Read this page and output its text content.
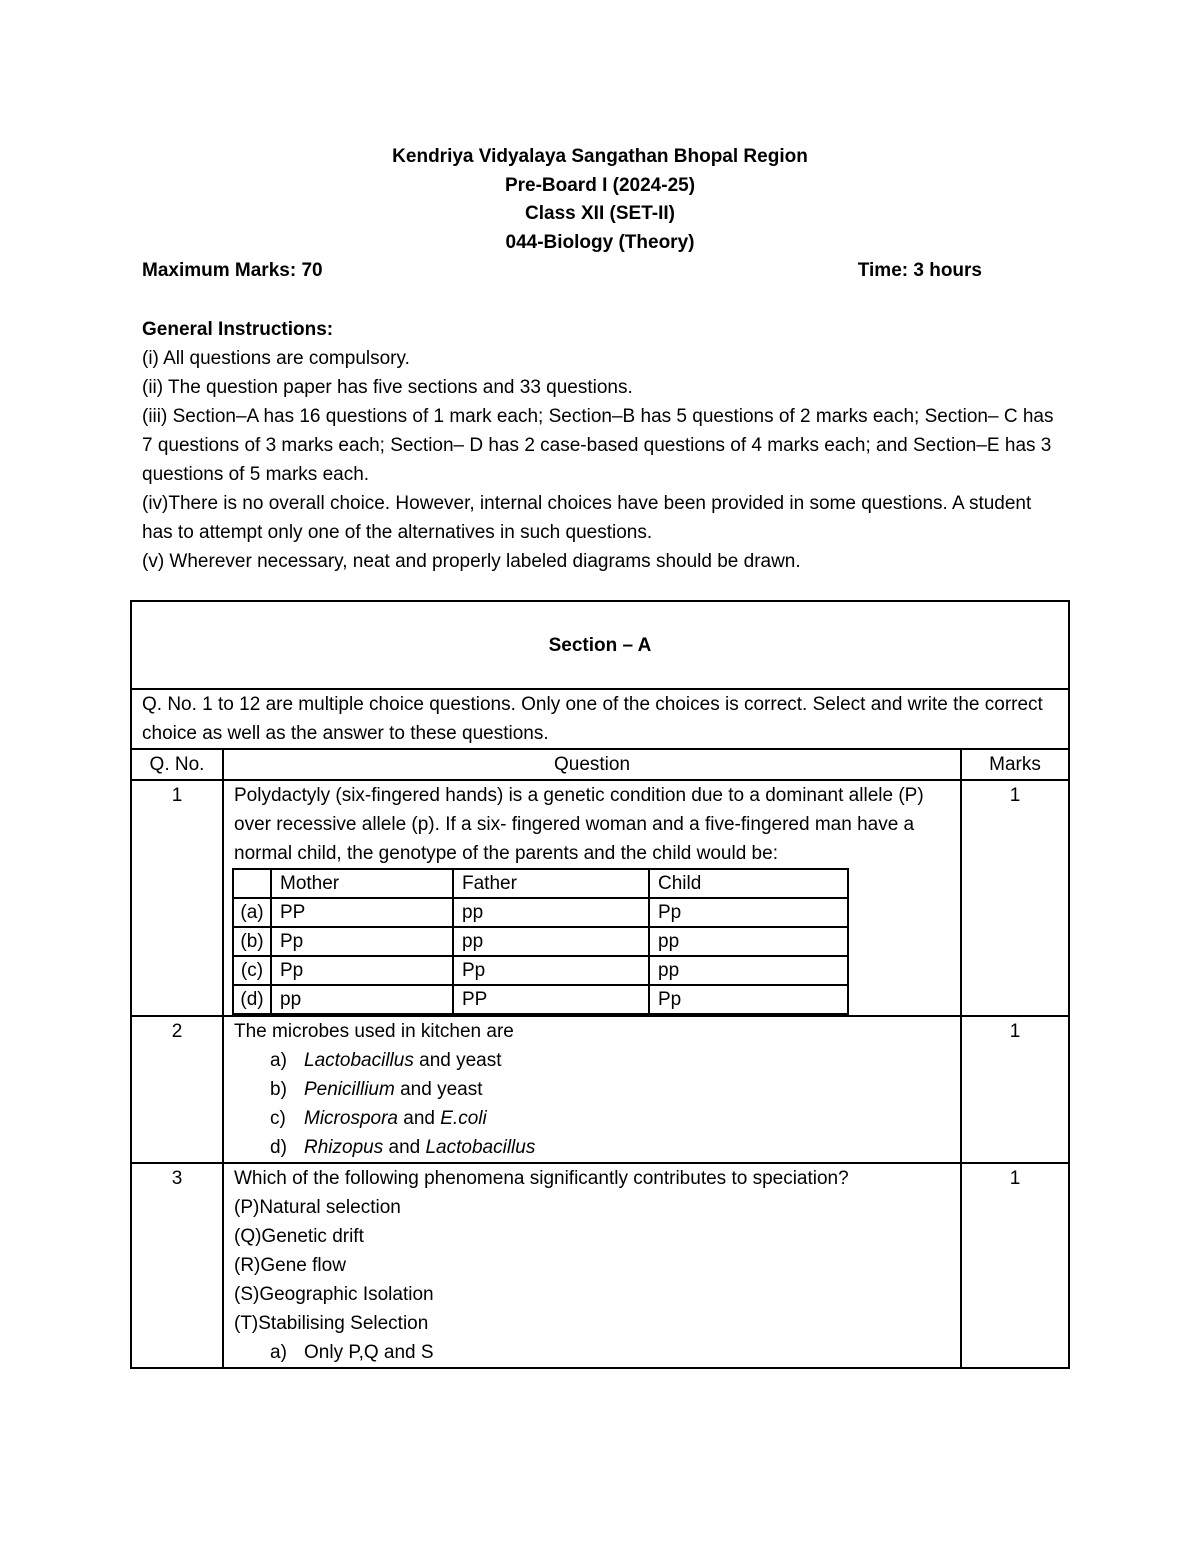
Kendriya Vidyalaya Sangathan Bhopal Region
Pre-Board I (2024-25)
Class XII (SET-II)
044-Biology (Theory)
Maximum Marks: 70	Time: 3 hours

General Instructions:

(i) All questions are compulsory.

(ii) The question paper has five sections and 33 questions.

(iii) Section–A has 16 questions of 1 mark each; Section–B has 5 questions of 2 marks each; Section– C has 7 questions of 3 marks each; Section– D has 2 case-based questions of 4 marks each; and Section–E has 3 questions of 5 marks each.

(iv)There is no overall choice. However, internal choices have been provided in some questions. A student has to attempt only one of the alternatives in such questions.

(v) Wherever necessary, neat and properly labeled diagrams should be drawn.

Section – A
Q. No. 1 to 12 are multiple choice questions. Only one of the choices is correct. Select and write the correct choice as well as the answer to these questions.
Q. No.	Question	Marks
1	Polydactyly (six-fingered hands) is a genetic condition due to a dominant allele (P) over recessive allele (p). If a six- fingered woman and a five-fingered man have a normal child, the genotype of the parents and the child would be:
	Mother	Father	Child
(a)	PP	pp	Pp
(b)	Pp	pp	pp
(c)	Pp	Pp	pp
(d)	pp	PP	Pp
	1
2	The microbes used in kitchen are
a) Lactobacillus and yeast
b) Penicillium and yeast
c) Microspora and E.coli
d) Rhizopus and Lactobacillus
	1
3	Which of the following phenomena significantly contributes to speciation?
(P)Natural selection
(Q)Genetic drift
(R)Gene flow
(S)Geographic Isolation
(T)Stabilising Selection
a) Only P,Q and S
	1
